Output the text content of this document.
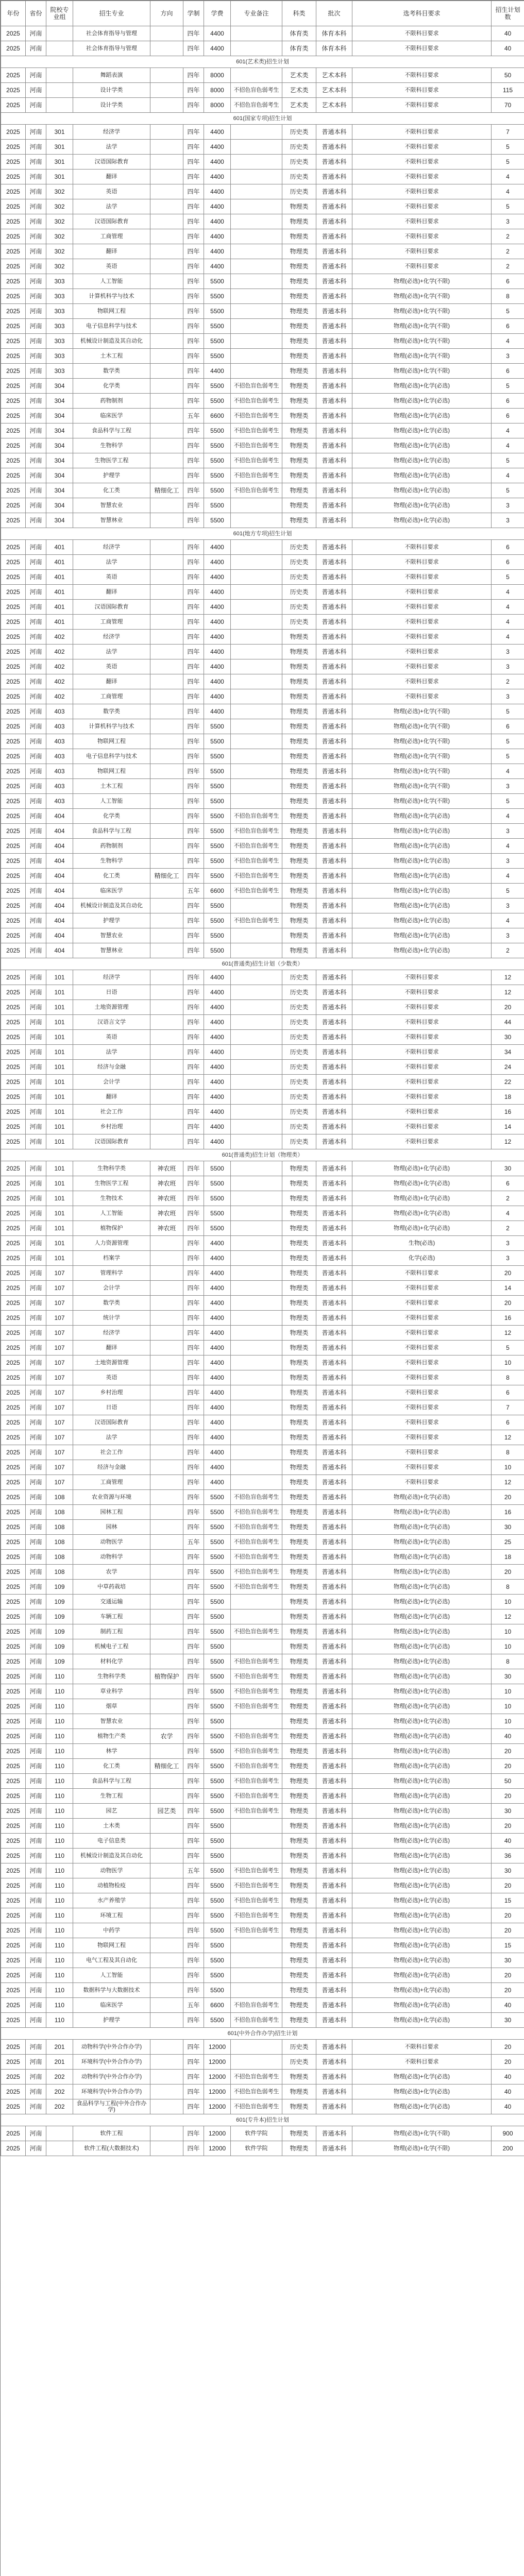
年份	省份	院校专业组	招生专业	方向	学制	学费	专业备注	科类	批次	选考科目要求	招生计划数
2025	河南		社会体育指导与管理		四年	4400		体育类	体育本科	不限科目要求	40
2025	河南		社会体育指导与管理		四年	4400		体育类	体育本科	不限科目要求	40
601(艺术类)招生计划											
2025	河南		舞蹈表演		四年	8000		艺术类	艺术本科	不限科目要求	50
2025	河南		设计学类		四年	8000	不招色盲色弱考生	艺术类	艺术本科	不限科目要求	115
2025	河南		设计学类		四年	8000	不招色盲色弱考生	艺术类	艺术本科	不限科目要求	70
601(国家专项)招生计划											
2025	河南	301	经济学		四年	4400		历史类	普通本科	不限科目要求	7
2025	河南	301	法学		四年	4400		历史类	普通本科	不限科目要求	5
2025	河南	301	汉语国际教育		四年	4400		历史类	普通本科	不限科目要求	5
2025	河南	301	翻译		四年	4400		历史类	普通本科	不限科目要求	4
2025	河南	302	英语		四年	4400		历史类	普通本科	不限科目要求	4
2025	河南	302	法学		四年	4400		物理类	普通本科	不限科目要求	5
2025	河南	302	汉语国际教育		四年	4400		物理类	普通本科	不限科目要求	3
2025	河南	302	工商管理		四年	4400		物理类	普通本科	不限科目要求	2
2025	河南	302	翻译		四年	4400		物理类	普通本科	不限科目要求	2
2025	河南	302	英语		四年	4400		物理类	普通本科	不限科目要求	2
2025	河南	303	人工智能		四年	5500		物理类	普通本科	物理(必选)+化学(不限)	6
2025	河南	303	计算机科学与技术		四年	5500		物理类	普通本科	物理(必选)+化学(不限)	8
2025	河南	303	物联网工程		四年	5500		物理类	普通本科	物理(必选)+化学(不限)	5
2025	河南	303	电子信息科学与技术		四年	5500		物理类	普通本科	物理(必选)+化学(不限)	6
2025	河南	303	机械设计制造及其自动化		四年	5500		物理类	普通本科	物理(必选)+化学(不限)	4
2025	河南	303	土木工程		四年	5500		物理类	普通本科	物理(必选)+化学(不限)	3
2025	河南	303	数学类		四年	4400		物理类	普通本科	物理(必选)+化学(不限)	6
2025	河南	304	化学类		四年	5500	不招色盲色弱考生	物理类	普通本科	物理(必选)+化学(必选)	5
2025	河南	304	药物制剂		四年	5500	不招色盲色弱考生	物理类	普通本科	物理(必选)+化学(必选)	6
2025	河南	304	临床医学		五年	6600	不招色盲色弱考生	物理类	普通本科	物理(必选)+化学(必选)	6
2025	河南	304	食品科学与工程		四年	5500	不招色盲色弱考生	物理类	普通本科	物理(必选)+化学(必选)	4
2025	河南	304	生物科学		四年	5500	不招色盲色弱考生	物理类	普通本科	物理(必选)+化学(必选)	4
2025	河南	304	生物医学工程		四年	5500	不招色盲色弱考生	物理类	普通本科	物理(必选)+化学(必选)	5
2025	河南	304	护理学		四年	5500	不招色盲色弱考生	物理类	普通本科	物理(必选)+化学(必选)	4
2025	河南	304	化工类	精细化工	四年	5500	不招色盲色弱考生	物理类	普通本科	物理(必选)+化学(必选)	5
2025	河南	304	智慧农业		四年	5500		物理类	普通本科	物理(必选)+化学(必选)	3
2025	河南	304	智慧林业		四年	5500		物理类	普通本科	物理(必选)+化学(必选)	3
601(地方专项)招生计划											
2025	河南	401	经济学		四年	4400		历史类	普通本科	不限科目要求	6
2025	河南	401	法学		四年	4400		历史类	普通本科	不限科目要求	6
2025	河南	401	英语		四年	4400		历史类	普通本科	不限科目要求	5
2025	河南	401	翻译		四年	4400		历史类	普通本科	不限科目要求	4
2025	河南	401	汉语国际教育		四年	4400		历史类	普通本科	不限科目要求	4
2025	河南	401	工商管理		四年	4400		历史类	普通本科	不限科目要求	4
2025	河南	402	经济学		四年	4400		物理类	普通本科	不限科目要求	4
2025	河南	402	法学		四年	4400		物理类	普通本科	不限科目要求	3
2025	河南	402	英语		四年	4400		物理类	普通本科	不限科目要求	3
2025	河南	402	翻译		四年	4400		物理类	普通本科	不限科目要求	2
2025	河南	402	工商管理		四年	4400		物理类	普通本科	不限科目要求	3
2025	河南	403	数学类		四年	4400		物理类	普通本科	物理(必选)+化学(不限)	5
2025	河南	403	计算机科学与技术		四年	5500		物理类	普通本科	物理(必选)+化学(不限)	6
2025	河南	403	物联网工程		四年	5500		物理类	普通本科	物理(必选)+化学(不限)	5
2025	河南	403	电子信息科学与技术		四年	5500		物理类	普通本科	物理(必选)+化学(不限)	5
2025	河南	403	物联网工程		四年	5500		物理类	普通本科	物理(必选)+化学(不限)	4
2025	河南	403	土木工程		四年	5500		物理类	普通本科	物理(必选)+化学(不限)	3
2025	河南	403	人工智能		四年	5500		物理类	普通本科	物理(必选)+化学(不限)	5
2025	河南	404	化学类		四年	5500	不招色盲色弱考生	物理类	普通本科	物理(必选)+化学(必选)	4
2025	河南	404	食品科学与工程		四年	5500	不招色盲色弱考生	物理类	普通本科	物理(必选)+化学(必选)	3
2025	河南	404	药物制剂		四年	5500	不招色盲色弱考生	物理类	普通本科	物理(必选)+化学(必选)	4
2025	河南	404	生物科学		四年	5500	不招色盲色弱考生	物理类	普通本科	物理(必选)+化学(必选)	3
2025	河南	404	化工类	精细化工	四年	5500	不招色盲色弱考生	物理类	普通本科	物理(必选)+化学(必选)	4
2025	河南	404	临床医学		五年	6600	不招色盲色弱考生	物理类	普通本科	物理(必选)+化学(必选)	5
2025	河南	404	机械设计制造及其自动化		四年	5500		物理类	普通本科	物理(必选)+化学(必选)	3
2025	河南	404	护理学		四年	5500	不招色盲色弱考生	物理类	普通本科	物理(必选)+化学(必选)	4
2025	河南	404	智慧农业		四年	5500		物理类	普通本科	物理(必选)+化学(必选)	3
2025	河南	404	智慧林业		四年	5500		物理类	普通本科	物理(必选)+化学(必选)	2
601(普通类)招生计划（少数类）											
2025	河南	101	经济学		四年	4400		历史类	普通本科	不限科目要求	12
2025	河南	101	日语		四年	4400		历史类	普通本科	不限科目要求	12
2025	河南	101	土地资源管理		四年	4400		历史类	普通本科	不限科目要求	20
2025	河南	101	汉语言文学		四年	4400		历史类	普通本科	不限科目要求	44
2025	河南	101	英语		四年	4400		历史类	普通本科	不限科目要求	30
2025	河南	101	法学		四年	4400		历史类	普通本科	不限科目要求	34
2025	河南	101	经济与金融		四年	4400		历史类	普通本科	不限科目要求	24
2025	河南	101	会计学		四年	4400		历史类	普通本科	不限科目要求	22
2025	河南	101	翻译		四年	4400		历史类	普通本科	不限科目要求	18
2025	河南	101	社会工作		四年	4400		历史类	普通本科	不限科目要求	16
2025	河南	101	乡村治理		四年	4400		历史类	普通本科	不限科目要求	14
2025	河南	101	汉语国际教育		四年	4400		历史类	普通本科	不限科目要求	12
601(普通类)招生计划（物理类）											
2025	河南	101	生物科学类	神农班	四年	5500		物理类	普通本科	物理(必选)+化学(必选)	30
2025	河南	101	生物医学工程	神农班	四年	5500		物理类	普通本科	物理(必选)+化学(必选)	6
2025	河南	101	生物技术	神农班	四年	5500		物理类	普通本科	物理(必选)+化学(必选)	2
2025	河南	101	人工智能	神农班	四年	5500		物理类	普通本科	物理(必选)+化学(必选)	4
2025	河南	101	植物保护	神农班	四年	5500		物理类	普通本科	物理(必选)+化学(必选)	2
2025	河南	101	人力资源管理		四年	4400		物理类	普通本科	生物(必选)	3
2025	河南	101	档案学		四年	4400		物理类	普通本科	化学(必选)	3
2025	河南	107	管理科学		四年	4400		物理类	普通本科	不限科目要求	20
2025	河南	107	会计学		四年	4400		物理类	普通本科	不限科目要求	14
2025	河南	107	数学类		四年	4400		物理类	普通本科	不限科目要求	20
2025	河南	107	统计学		四年	4400		物理类	普通本科	不限科目要求	16
2025	河南	107	经济学		四年	4400		物理类	普通本科	不限科目要求	12
2025	河南	107	翻译		四年	4400		物理类	普通本科	不限科目要求	5
2025	河南	107	土地资源管理		四年	4400		物理类	普通本科	不限科目要求	10
2025	河南	107	英语		四年	4400		物理类	普通本科	不限科目要求	8
2025	河南	107	乡村治理		四年	4400		物理类	普通本科	不限科目要求	6
2025	河南	107	日语		四年	4400		物理类	普通本科	不限科目要求	7
2025	河南	107	汉语国际教育		四年	4400		物理类	普通本科	不限科目要求	6
2025	河南	107	法学		四年	4400		物理类	普通本科	不限科目要求	12
2025	河南	107	社会工作		四年	4400		物理类	普通本科	不限科目要求	8
2025	河南	107	经济与金融		四年	4400		物理类	普通本科	不限科目要求	10
2025	河南	107	工商管理		四年	4400		物理类	普通本科	不限科目要求	12
2025	河南	108	农业资源与环境		四年	5500	不招色盲色弱考生	物理类	普通本科	物理(必选)+化学(必选)	20
2025	河南	108	园林工程		四年	5500	不招色盲色弱考生	物理类	普通本科	物理(必选)+化学(必选)	16
2025	河南	108	园林		四年	5500	不招色盲色弱考生	物理类	普通本科	物理(必选)+化学(必选)	30
2025	河南	108	动物医学		五年	5500	不招色盲色弱考生	物理类	普通本科	物理(必选)+化学(必选)	25
2025	河南	108	动物科学		四年	5500	不招色盲色弱考生	物理类	普通本科	物理(必选)+化学(必选)	18
2025	河南	108	农学		四年	5500	不招色盲色弱考生	物理类	普通本科	物理(必选)+化学(必选)	20
2025	河南	109	中草药栽培		四年	5500	不招色盲色弱考生	物理类	普通本科	物理(必选)+化学(必选)	8
2025	河南	109	交通运输		四年	5500		物理类	普通本科	物理(必选)+化学(必选)	10
2025	河南	109	车辆工程		四年	5500		物理类	普通本科	物理(必选)+化学(必选)	12
2025	河南	109	制药工程		四年	5500	不招色盲色弱考生	物理类	普通本科	物理(必选)+化学(必选)	10
2025	河南	109	机械电子工程		四年	5500		物理类	普通本科	物理(必选)+化学(必选)	10
2025	河南	109	材料化学		四年	5500	不招色盲色弱考生	物理类	普通本科	物理(必选)+化学(必选)	8
2025	河南	110	生物科学类	植物保护	四年	5500	不招色盲色弱考生	物理类	普通本科	物理(必选)+化学(必选)	30
2025	河南	110	草业科学		四年	5500	不招色盲色弱考生	物理类	普通本科	物理(必选)+化学(必选)	10
2025	河南	110	烟草		四年	5500	不招色盲色弱考生	物理类	普通本科	物理(必选)+化学(必选)	10
2025	河南	110	智慧农业		四年	5500		物理类	普通本科	物理(必选)+化学(必选)	10
2025	河南	110	植物生产类	农学	四年	5500	不招色盲色弱考生	物理类	普通本科	物理(必选)+化学(必选)	40
2025	河南	110	林学		四年	5500	不招色盲色弱考生	物理类	普通本科	物理(必选)+化学(必选)	20
2025	河南	110	化工类	精细化工	四年	5500	不招色盲色弱考生	物理类	普通本科	物理(必选)+化学(必选)	20
2025	河南	110	食品科学与工程		四年	5500	不招色盲色弱考生	物理类	普通本科	物理(必选)+化学(必选)	50
2025	河南	110	生物工程		四年	5500	不招色盲色弱考生	物理类	普通本科	物理(必选)+化学(必选)	20
2025	河南	110	园艺	园艺类	四年	5500	不招色盲色弱考生	物理类	普通本科	物理(必选)+化学(必选)	30
2025	河南	110	土木类		四年	5500		物理类	普通本科	物理(必选)+化学(必选)	20
2025	河南	110	电子信息类		四年	5500		物理类	普通本科	物理(必选)+化学(必选)	40
2025	河南	110	机械设计制造及其自动化		四年	5500		物理类	普通本科	物理(必选)+化学(必选)	36
2025	河南	110	动物医学		五年	5500	不招色盲色弱考生	物理类	普通本科	物理(必选)+化学(必选)	30
2025	河南	110	动植物检疫		四年	5500	不招色盲色弱考生	物理类	普通本科	物理(必选)+化学(必选)	20
2025	河南	110	水产养殖学		四年	5500	不招色盲色弱考生	物理类	普通本科	物理(必选)+化学(必选)	15
2025	河南	110	环境工程		四年	5500	不招色盲色弱考生	物理类	普通本科	物理(必选)+化学(必选)	20
2025	河南	110	中药学		四年	5500	不招色盲色弱考生	物理类	普通本科	物理(必选)+化学(必选)	20
2025	河南	110	物联网工程		四年	5500		物理类	普通本科	物理(必选)+化学(必选)	15
2025	河南	110	电气工程及其自动化		四年	5500		物理类	普通本科	物理(必选)+化学(必选)	30
2025	河南	110	人工智能		四年	5500		物理类	普通本科	物理(必选)+化学(必选)	20
2025	河南	110	数据科学与大数据技术		四年	5500		物理类	普通本科	物理(必选)+化学(必选)	20
2025	河南	110	临床医学		五年	6600	不招色盲色弱考生	物理类	普通本科	物理(必选)+化学(必选)	40
2025	河南	110	护理学		四年	5500	不招色盲色弱考生	物理类	普通本科	物理(必选)+化学(必选)	30
601(中外合作办学)招生计划											
2025	河南	201	动物科学(中外合作办学)		四年	12000		历史类	普通本科	不限科目要求	20
2025	河南	201	环境科学(中外合作办学)		四年	12000		历史类	普通本科	不限科目要求	20
2025	河南	202	动物科学(中外合作办学)		四年	12000	不招色盲色弱考生	物理类	普通本科	物理(必选)+化学(必选)	40
2025	河南	202	环境科学(中外合作办学)		四年	12000	不招色盲色弱考生	物理类	普通本科	物理(必选)+化学(必选)	40
2025	河南	202	食品科学与工程(中外合作办学)		四年	12000	不招色盲色弱考生	物理类	普通本科	物理(必选)+化学(必选)	40
601(专升本)招生计划											
2025	河南		软件工程		四年	12000	软件学院	物理类	普通本科	物理(必选)+化学(不限)	900
2025	河南		软件工程(大数据技术)		四年	12000	软件学院	物理类	普通本科	物理(必选)+化学(不限)	200
